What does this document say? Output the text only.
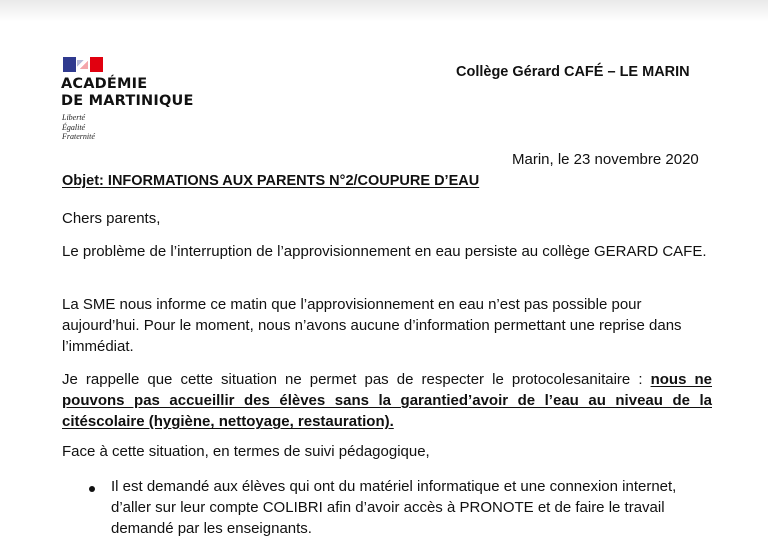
ACADÉMIE
DE MARTINIQUE
Liberté
Égalité
Fraternité
Collège Gérard CAFÉ – LE MARIN
Marin, le 23 novembre 2020
Objet: INFORMATIONS AUX PARENTS N°2/COUPURE D’EAU
Chers parents,
Le problème de l’interruption de l’approvisionnement en eau persiste au collège GERARD CAFE.
La SME nous informe ce matin que l’approvisionnement en eau n’est pas possible pour aujourd’hui. Pour le moment, nous n’avons aucune d’information permettant une reprise dans l’immédiat.
Je rappelle que cette situation ne permet pas de respecter le protocolesanitaire : nous ne pouvons pas accueillir des élèves sans la garantied’avoir de l’eau au niveau de la citéscolaire (hygiène, nettoyage, restauration).
Face à cette situation, en termes de suivi pédagogique,
Il est demandé aux élèves qui ont du matériel informatique et une connexion internet, d’aller sur leur compte COLIBRI afin d’avoir accès à PRONOTE et de faire le travail demandé par les enseignants.
